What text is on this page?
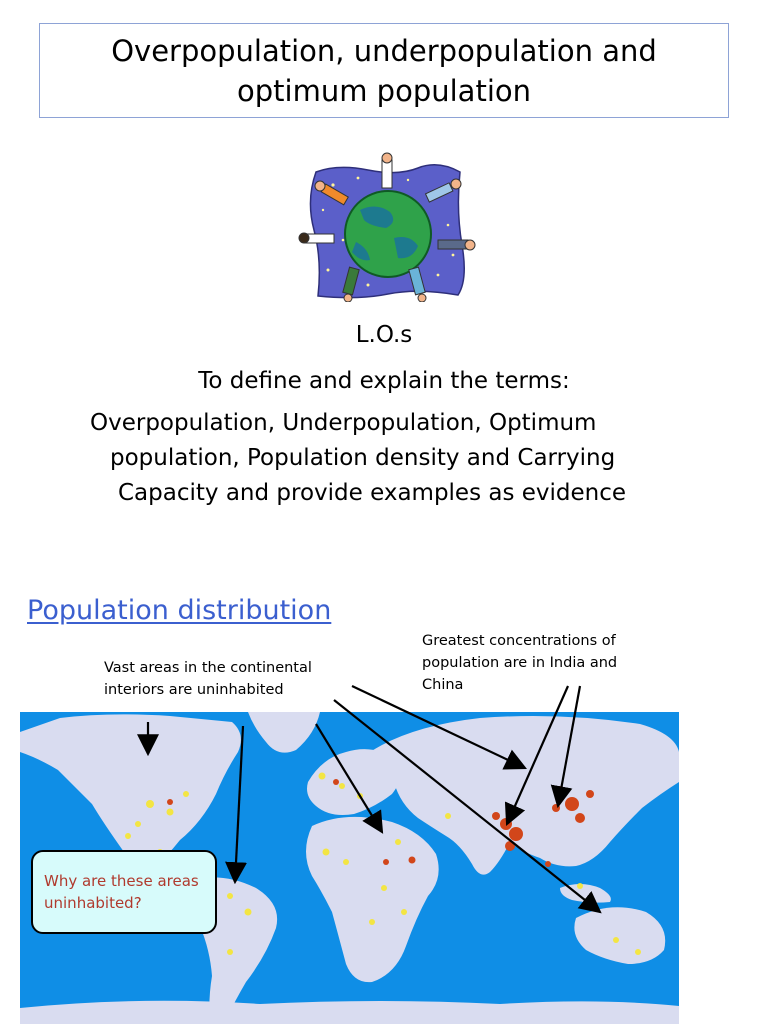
Overpopulation, underpopulation and optimum population
L.O.s
To define and explain the terms:
Overpopulation, Underpopulation, Optimum
population, Population density and Carrying
Capacity and provide examples as evidence
Population distribution
Greatest concentrations of population are in India and China
Vast areas in the continental interiors are uninhabited
Why are these areas uninhabited?
